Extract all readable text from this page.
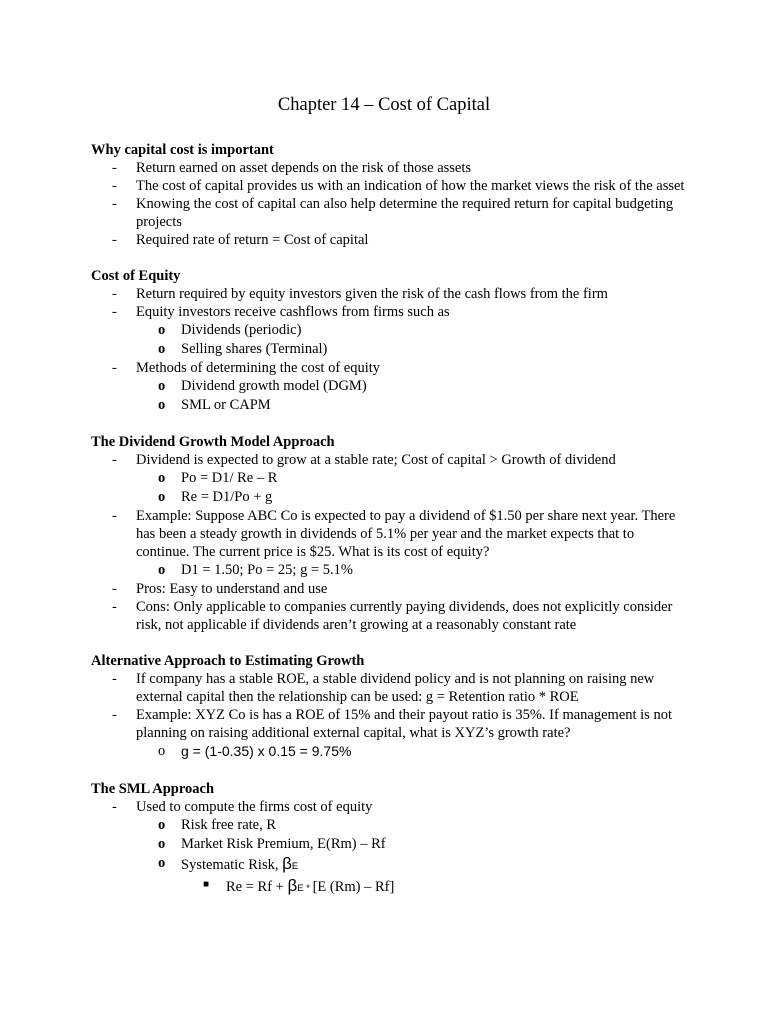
Chapter 14 – Cost of Capital
Why capital cost is important
- Return earned on asset depends on the risk of those assets
- The cost of capital provides us with an indication of how the market views the risk of the asset
- Knowing the cost of capital can also help determine the required return for capital budgeting projects
- Required rate of return = Cost of capital
Cost of Equity
- Return required by equity investors given the risk of the cash flows from the firm
- Equity investors receive cashflows from firms such as
o Dividends (periodic)
o Selling shares (Terminal)
- Methods of determining the cost of equity
o Dividend growth model (DGM)
o SML or CAPM
The Dividend Growth Model Approach
- Dividend is expected to grow at a stable rate; Cost of capital > Growth of dividend
o Po = D1/ Re – R
o Re = D1/Po + g
- Example: Suppose ABC Co is expected to pay a dividend of $1.50 per share next year. There has been a steady growth in dividends of 5.1% per year and the market expects that to continue. The current price is $25. What is its cost of equity?
o D1 = 1.50; Po = 25; g = 5.1%
- Pros: Easy to understand and use
- Cons: Only applicable to companies currently paying dividends, does not explicitly consider risk, not applicable if dividends aren’t growing at a reasonably constant rate
Alternative Approach to Estimating Growth
- If company has a stable ROE, a stable dividend policy and is not planning on raising new external capital then the relationship can be used: g = Retention ratio * ROE
- Example: XYZ Co is has a ROE of 15% and their payout ratio is 35%. If management is not planning on raising additional external capital, what is XYZ’s growth rate?
o g = (1-0.35) x 0.15 = 9.75%
The SML Approach
- Used to compute the firms cost of equity
o Risk free rate, R
o Market Risk Premium, E(Rm) – Rf
o Systematic Risk, βE
■ Re = Rf + βE * [E (Rm) – Rf]
